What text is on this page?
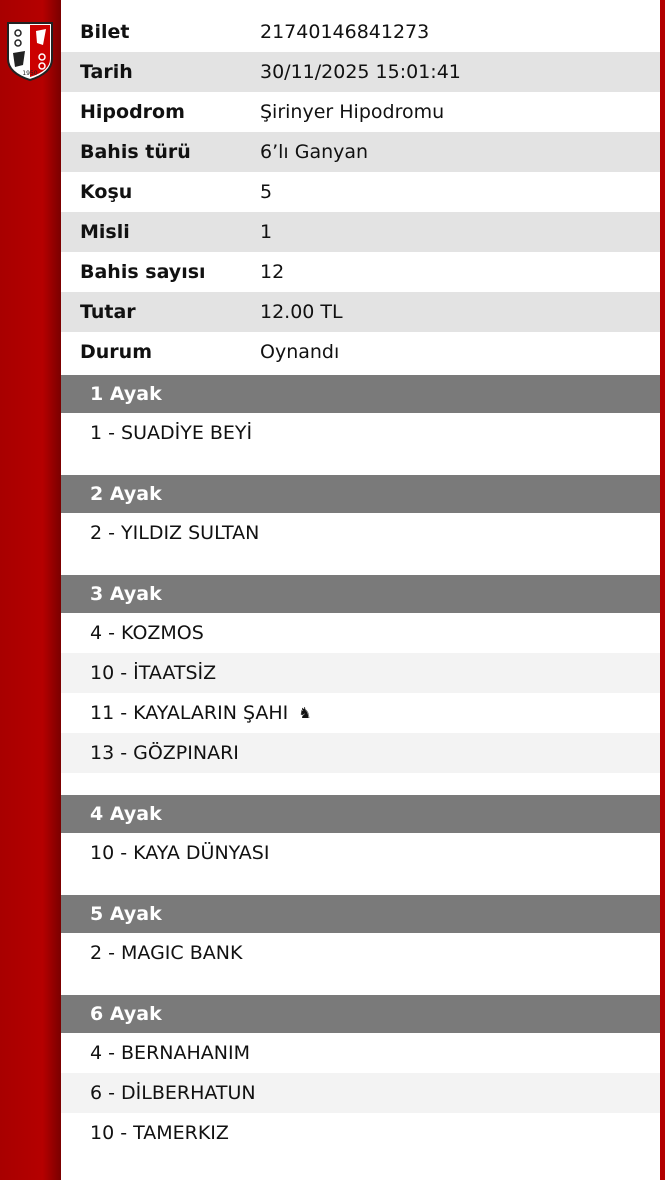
1950
Bilet	21740146841273
Tarih	30/11/2025 15:01:41
Hipodrom	Şirinyer Hipodromu
Bahis türü	6’lı Ganyan
Koşu	5
Misli	1
Bahis sayısı	12
Tutar	12.00 TL
Durum	Oynandı
1 Ayak
1 - SUADİYE BEYİ
2 Ayak
2 - YILDIZ SULTAN
3 Ayak
4 - KOZMOS
10 - İTAATSİZ
11 - KAYALARIN ŞAHI ♞
13 - GÖZPINARI
4 Ayak
10 - KAYA DÜNYASI
5 Ayak
2 - MAGIC BANK
6 Ayak
4 - BERNAHANIM
6 - DİLBERHATUN
10 - TAMERKIZ
